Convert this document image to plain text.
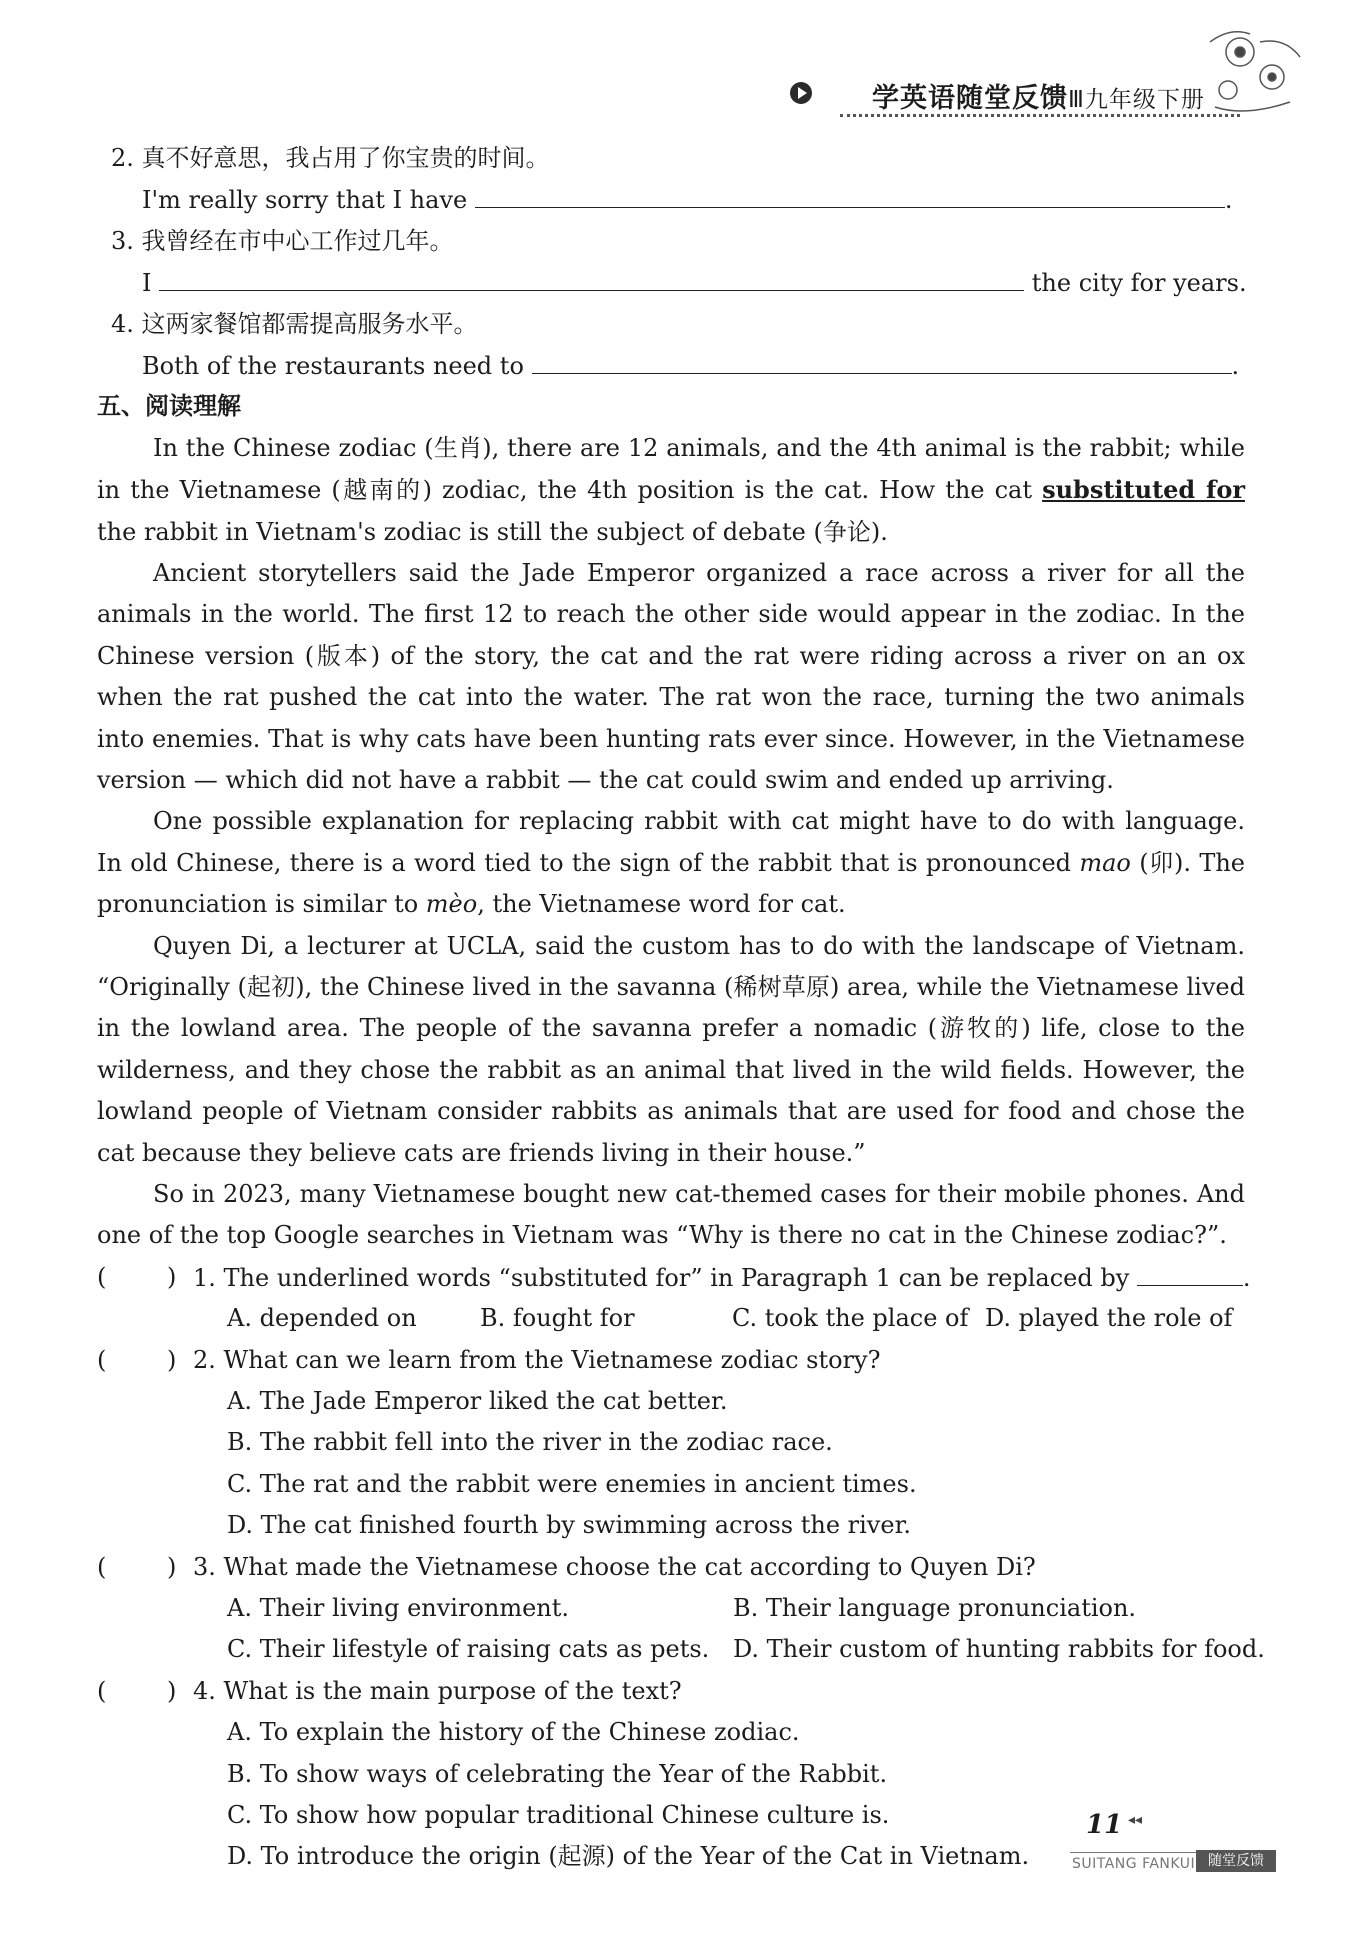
学英语随堂反馈Ⅲ九年级下册
2. 真不好意思，我占用了你宝贵的时间。
I'm really sorry that I have	.
3. 我曾经在市中心工作过几年。
I	the city for years.
4. 这两家餐馆都需提高服务水平。
Both of the restaurants need to	.
五、阅读理解

In the Chinese zodiac (生肖), there are 12 animals, and the 4th animal is the rabbit; while in the Vietnamese (越南的) zodiac, the 4th position is the cat. How the cat substituted for the rabbit in Vietnam's zodiac is still the subject of debate (争论).

Ancient storytellers said the Jade Emperor organized a race across a river for all the animals in the world. The first 12 to reach the other side would appear in the zodiac. In the Chinese version (版本) of the story, the cat and the rat were riding across a river on an ox when the rat pushed the cat into the water. The rat won the race, turning the two animals into enemies. That is why cats have been hunting rats ever since. However, in the Vietnamese version — which did not have a rabbit — the cat could swim and ended up arriving.

One possible explanation for replacing rabbit with cat might have to do with language. In old Chinese, there is a word tied to the sign of the rabbit that is pronounced mao (卯). The pronunciation is similar to mèo, the Vietnamese word for cat.

Quyen Di, a lecturer at UCLA, said the custom has to do with the landscape of Vietnam. “Originally (起初), the Chinese lived in the savanna (稀树草原) area, while the Vietnamese lived in the lowland area. The people of the savanna prefer a nomadic (游牧的) life, close to the wilderness, and they chose the rabbit as an animal that lived in the wild fields. However, the lowland people of Vietnam consider rabbits as animals that are used for food and chose the cat because they believe cats are friends living in their house.”

So in 2023, many Vietnamese bought new cat-themed cases for their mobile phones. And one of the top Google searches in Vietnam was “Why is there no cat in the Chinese zodiac?”.

(	) 1. The underlined words “substituted for” in Paragraph 1 can be replaced by	.
A. depended on	B. fought for	C. took the place of D. played the role of
(	) 2. What can we learn from the Vietnamese zodiac story?
A. The Jade Emperor liked the cat better.
B. The rabbit fell into the river in the zodiac race.
C. The rat and the rabbit were enemies in ancient times.
D. The cat finished fourth by swimming across the river.
(	) 3. What made the Vietnamese choose the cat according to Quyen Di?
A. Their living environment.	B. Their language pronunciation.
C. Their lifestyle of raising cats as pets. D. Their custom of hunting rabbits for food.
(	) 4. What is the main purpose of the text?
A. To explain the history of the Chinese zodiac.
B. To show ways of celebrating the Year of the Rabbit.
C. To show how popular traditional Chinese culture is.
D. To introduce the origin (起源) of the Year of the Cat in Vietnam.
11 ◂◂
SUITANG FANKUI 随堂反馈
